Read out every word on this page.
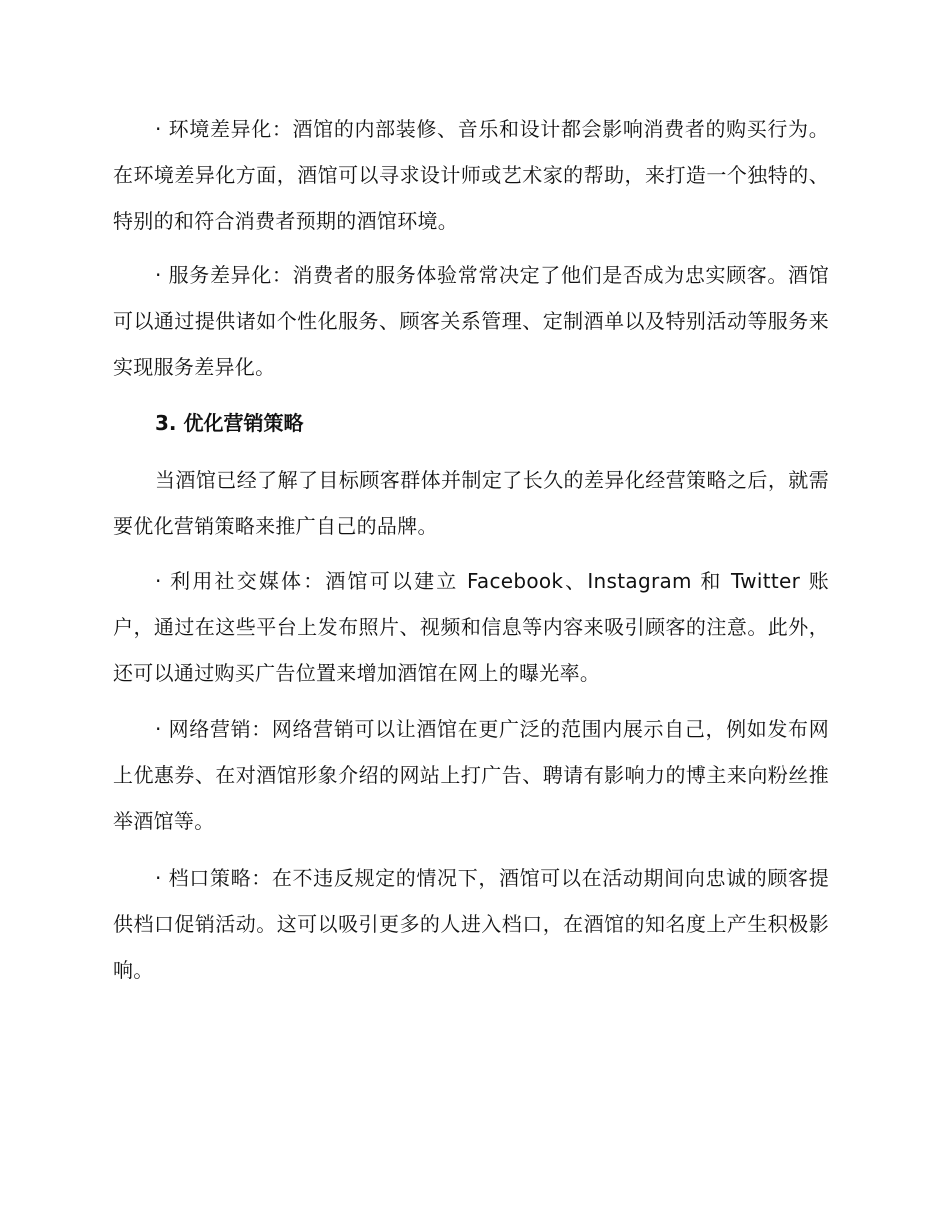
· 环境差异化：酒馆的内部装修、音乐和设计都会影响消费者的购买行为。在环境差异化方面，酒馆可以寻求设计师或艺术家的帮助，来打造一个独特的、特别的和符合消费者预期的酒馆环境。

· 服务差异化：消费者的服务体验常常决定了他们是否成为忠实顾客。酒馆可以通过提供诸如个性化服务、顾客关系管理、定制酒单以及特别活动等服务来实现服务差异化。

3. 优化营销策略

当酒馆已经了解了目标顾客群体并制定了长久的差异化经营策略之后，就需要优化营销策略来推广自己的品牌。

· 利用社交媒体：酒馆可以建立 Facebook、Instagram 和 Twitter 账户，通过在这些平台上发布照片、视频和信息等内容来吸引顾客的注意。此外，还可以通过购买广告位置来增加酒馆在网上的曝光率。

· 网络营销：网络营销可以让酒馆在更广泛的范围内展示自己，例如发布网上优惠券、在对酒馆形象介绍的网站上打广告、聘请有影响力的博主来向粉丝推举酒馆等。

· 档口策略：在不违反规定的情况下，酒馆可以在活动期间向忠诚的顾客提供档口促销活动。这可以吸引更多的人进入档口，在酒馆的知名度上产生积极影响。
